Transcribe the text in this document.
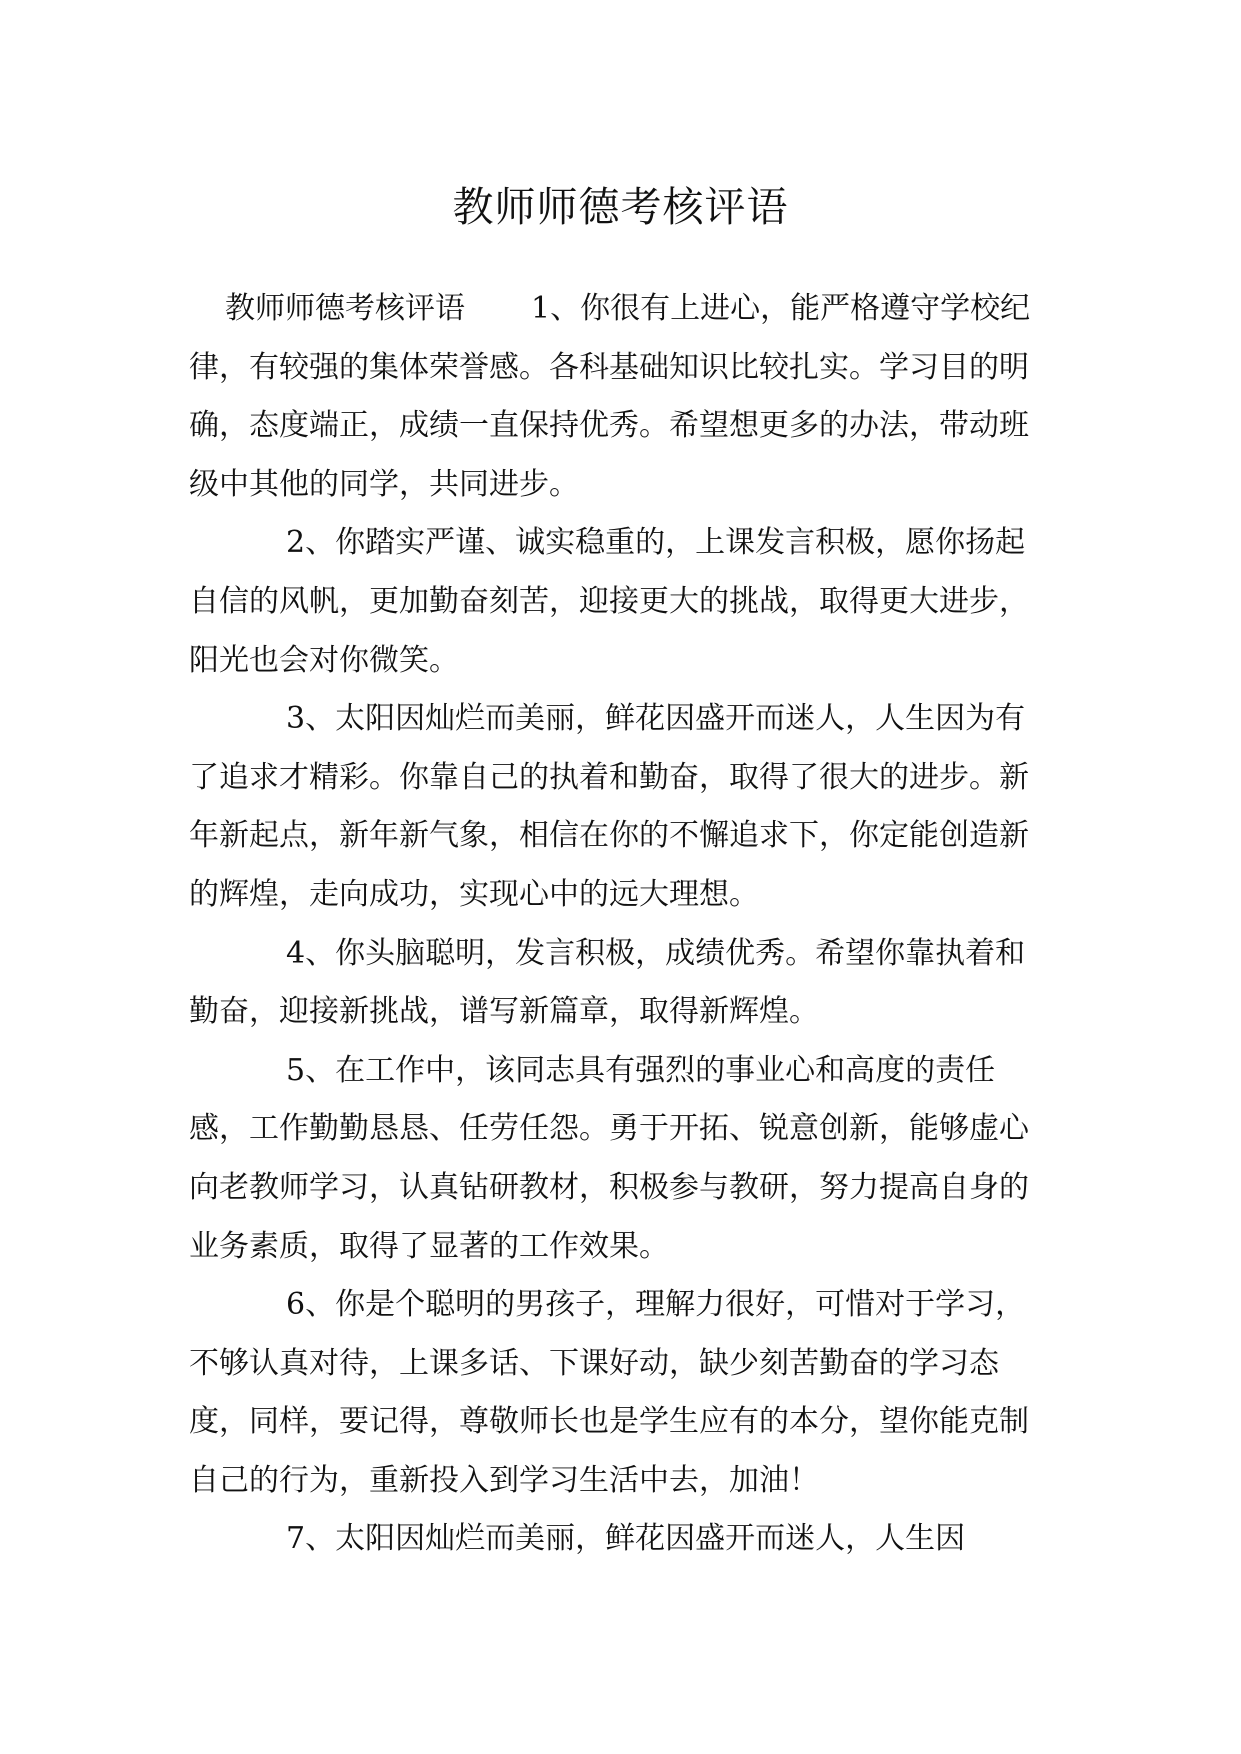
教师师德考核评语

教师师德考核评语 1、你很有上进心，能严格遵守学校纪律，有较强的集体荣誉感。各科基础知识比较扎实。学习目的明确，态度端正，成绩一直保持优秀。希望想更多的办法，带动班级中其他的同学，共同进步。

2、你踏实严谨、诚实稳重的，上课发言积极，愿你扬起自信的风帆，更加勤奋刻苦，迎接更大的挑战，取得更大进步，阳光也会对你微笑。

3、太阳因灿烂而美丽，鲜花因盛开而迷人，人生因为有了追求才精彩。你靠自己的执着和勤奋，取得了很大的进步。新年新起点，新年新气象，相信在你的不懈追求下，你定能创造新的辉煌，走向成功，实现心中的远大理想。

4、你头脑聪明，发言积极，成绩优秀。希望你靠执着和勤奋，迎接新挑战，谱写新篇章，取得新辉煌。

5、在工作中，该同志具有强烈的事业心和高度的责任感，工作勤勤恳恳、任劳任怨。勇于开拓、锐意创新，能够虚心向老教师学习，认真钻研教材，积极参与教研，努力提高自身的业务素质，取得了显著的工作效果。

6、你是个聪明的男孩子，理解力很好，可惜对于学习，不够认真对待，上课多话、下课好动，缺少刻苦勤奋的学习态度，同样，要记得，尊敬师长也是学生应有的本分，望你能克制自己的行为，重新投入到学习生活中去，加油！

7、太阳因灿烂而美丽，鲜花因盛开而迷人，人生因
